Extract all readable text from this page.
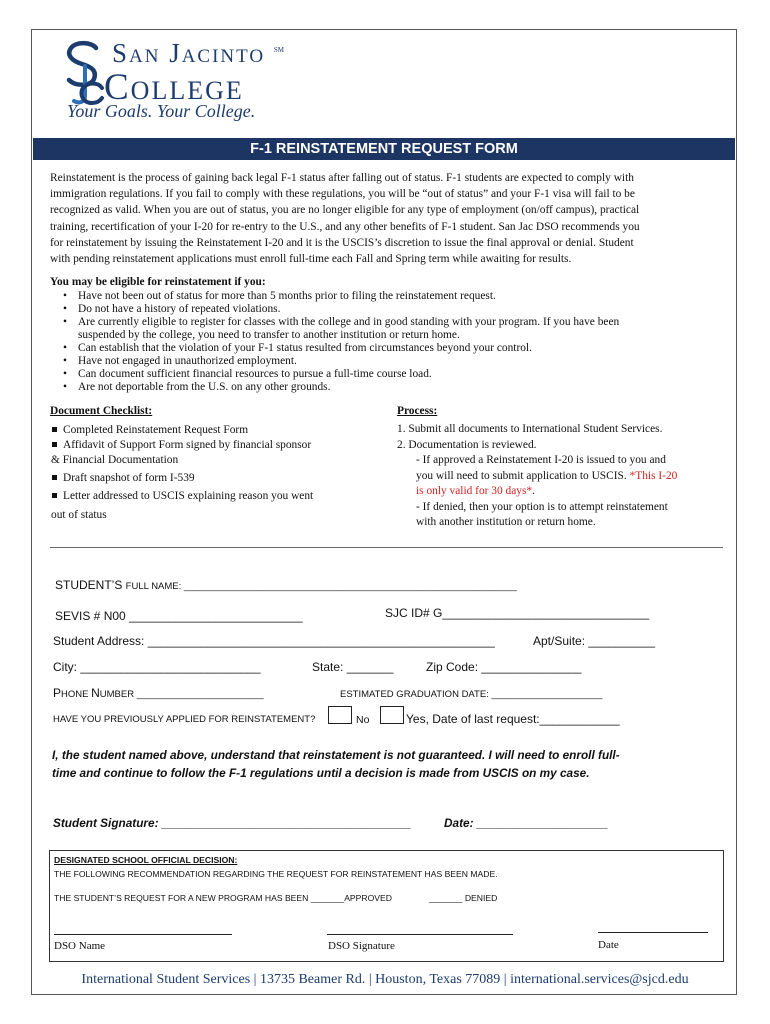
San Jacinto ℠
College
Your Goals. Your College.
F-1 REINSTATEMENT REQUEST FORM

Reinstatement is the process of gaining back legal F-1 status after falling out of status. F-1 students are expected to comply with

immigration regulations. If you fail to comply with these regulations, you will be “out of status” and your F-1 visa will fail to be

recognized as valid. When you are out of status, you are no longer eligible for any type of employment (on/off campus), practical

training, recertification of your I-20 for re-entry to the U.S., and any other benefits of F-1 student. San Jac DSO recommends you

for reinstatement by issuing the Reinstatement I-20 and it is the USCIS’s discretion to issue the final approval or denial. Student

with pending reinstatement applications must enroll full-time each Fall and Spring term while awaiting for results.

You may be eligible for reinstatement if you:
• Have not been out of status for more than 5 months prior to filing the reinstatement request.
• Do not have a history of repeated violations.
• Are currently eligible to register for classes with the college and in good standing with your program. If you have been
suspended by the college, you need to transfer to another institution or return home.
• Can establish that the violation of your F-1 status resulted from circumstances beyond your control.
• Have not engaged in unauthorized employment.
• Can document sufficient financial resources to pursue a full-time course load.
• Are not deportable from the U.S. on any other grounds.
Document Checklist:
Completed Reinstatement Request Form
Affidavit of Support Form signed by financial sponsor
& Financial Documentation
Draft snapshot of form I-539
Letter addressed to USCIS explaining reason you went
out of status
Process:
1. Submit all documents to International Student Services.
2. Documentation is reviewed.
- If approved a Reinstatement I-20 is issued to you and
you will need to submit application to USCIS. *This I-20
is only valid for 30 days*.
- If denied, then your option is to attempt reinstatement
with another institution or return home.
STUDENT’S FULL NAME: _______________________________________________________________
SEVIS # N00 __________________________	SJC ID# G_______________________________
Student Address: ____________________________________________________	Apt/Suite: __________
City: ___________________________	State: _______	Zip Code: _______________
PHONE NUMBER ________________________	ESTIMATED GRADUATION DATE: _____________________
HAVE YOU PREVIOUSLY APPLIED FOR REINSTATEMENT?	No	Yes, Date of last request:____________
I, the student named above, understand that reinstatement is not guaranteed. I will need to enroll full-
time and continue to follow the F-1 regulations until a decision is made from USCIS on my case.
Student Signature: ______________________________________	Date: ____________________
DESIGNATED SCHOOL OFFICIAL DECISION:
THE FOLLOWING RECOMMENDATION REGARDING THE REQUEST FOR REINSTATEMENT HAS BEEN MADE.
THE STUDENT’S REQUEST FOR A NEW PROGRAM HAS BEEN _______APPROVED	_______ DENIED
DSO Name	DSO Signature	Date
International Student Services | 13735 Beamer Rd. | Houston, Texas 77089 | international.services@sjcd.edu
